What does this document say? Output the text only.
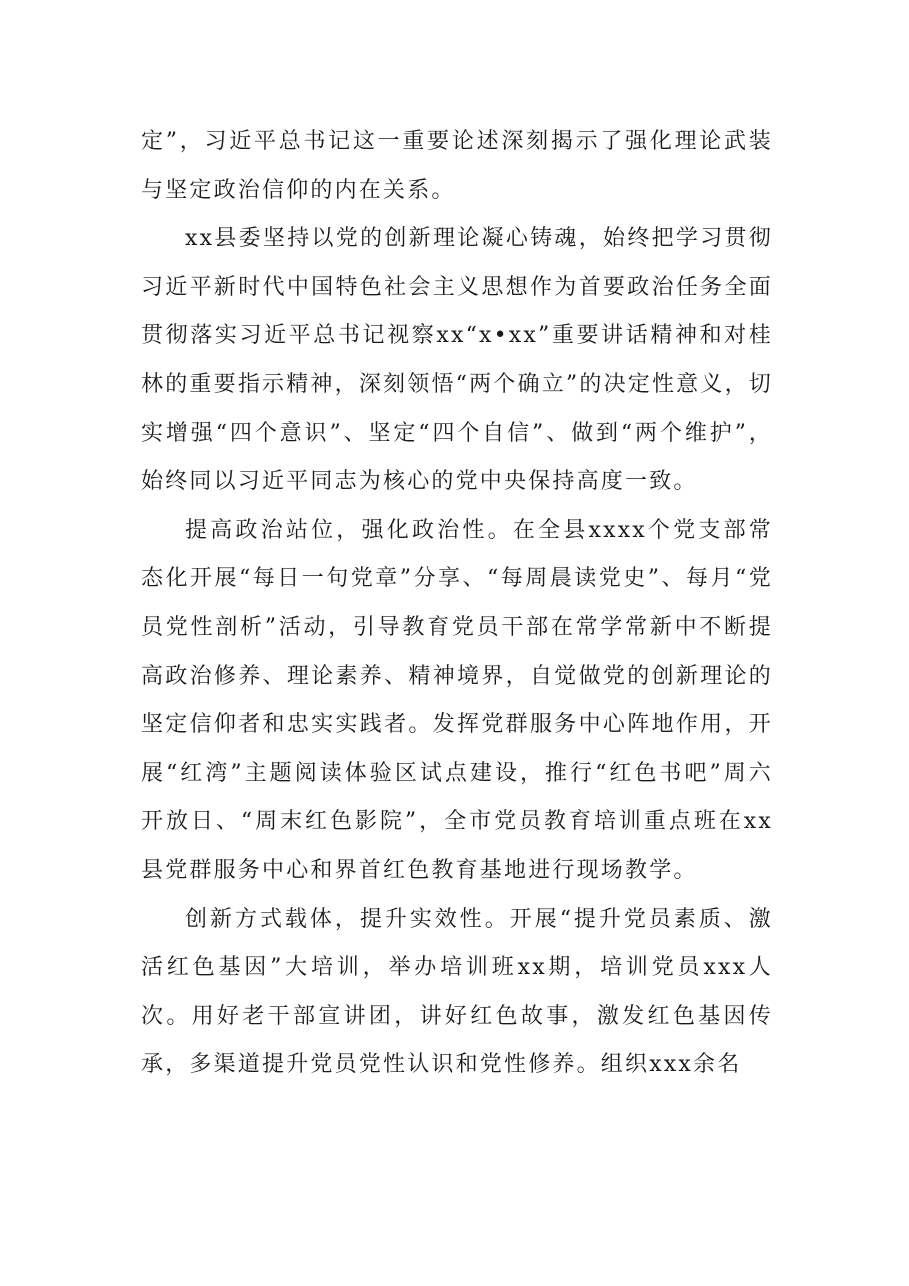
定”，习近平总书记这一重要论述深刻揭示了强化理论武装与坚定政治信仰的内在关系。

xx县委坚持以党的创新理论凝心铸魂，始终把学习贯彻习近平新时代中国特色社会主义思想作为首要政治任务全面贯彻落实习近平总书记视察xx“x•xx”重要讲话精神和对桂林的重要指示精神，深刻领悟“两个确立”的决定性意义，切实增强“四个意识”、坚定“四个自信”、做到“两个维护”，始终同以习近平同志为核心的党中央保持高度一致。

提高政治站位，强化政治性。在全县xxxx个党支部常态化开展“每日一句党章”分享、“每周晨读党史”、每月“党员党性剖析”活动，引导教育党员干部在常学常新中不断提高政治修养、理论素养、精神境界，自觉做党的创新理论的坚定信仰者和忠实实践者。发挥党群服务中心阵地作用，开展“红湾”主题阅读体验区试点建设，推行“红色书吧”周六开放日、“周末红色影院”，全市党员教育培训重点班在xx县党群服务中心和界首红色教育基地进行现场教学。

创新方式载体，提升实效性。开展“提升党员素质、激活红色基因”大培训，举办培训班xx期，培训党员xxx人次。用好老干部宣讲团，讲好红色故事，激发红色基因传承，多渠道提升党员党性认识和党性修养。组织xxx余名
